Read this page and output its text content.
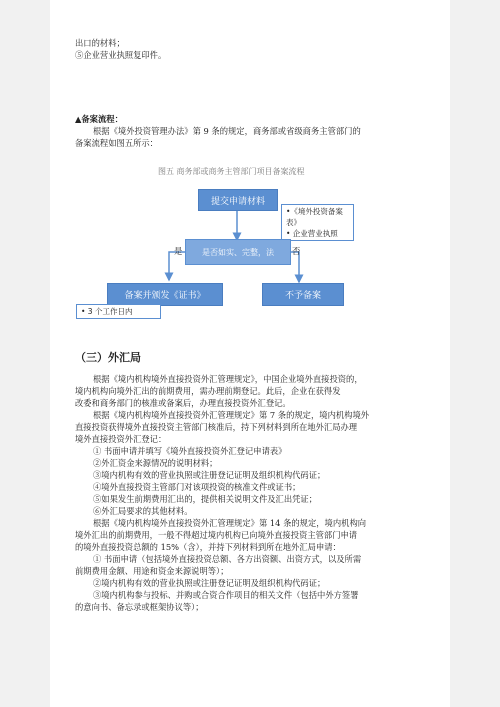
出口的材料；
⑤企业营业执照复印件。
▲备案流程：
根据《境外投资管理办法》第 9 条的规定，商务部或省级商务主管部门的
备案流程如图五所示：
图五 商务部或商务主管部门项目备案流程
提交申请材料
•《境外投资备案表》
• 企业营业执照
是	是否如实、完整，法	否
备案并颁发《证书》	不予备案
• 3 个工作日内
（三）外汇局
根据《境内机构境外直接投资外汇管理规定》，中国企业境外直接投资的，
境内机构向境外汇出的前期费用，需办理前期登记。此后，企业在获得发
改委和商务部门的核准或备案后，办理直接投资外汇登记。
根据《境内机构境外直接投资外汇管理规定》第 7 条的规定，境内机构境外
直接投资获得境外直接投资主管部门核准后，持下列材料到所在地外汇局办理
境外直接投资外汇登记：
① 书面申请并填写《境外直接投资外汇登记申请表》
②外汇资金来源情况的说明材料；
③境内机构有效的营业执照或注册登记证明及组织机构代码证；
④境外直接投资主管部门对该项投资的核准文件或证书；
⑤如果发生前期费用汇出的，提供相关说明文件及汇出凭证；
⑥外汇局要求的其他材料。
根据《境内机构境外直接投资外汇管理规定》第 14 条的规定，境内机构向
境外汇出的前期费用，一般不得超过境内机构已向境外直接投资主管部门申请
的境外直接投资总额的 15%（含），并持下列材料到所在地外汇局申请：
① 书面申请（包括境外直接投资总额、各方出资额、出资方式，以及所需
前期费用金额、用途和资金来源说明等）；
②境内机构有效的营业执照或注册登记证明及组织机构代码证；
③境内机构参与投标、并购或合资合作项目的相关文件（包括中外方签署
的意向书、备忘录或框架协议等）；
